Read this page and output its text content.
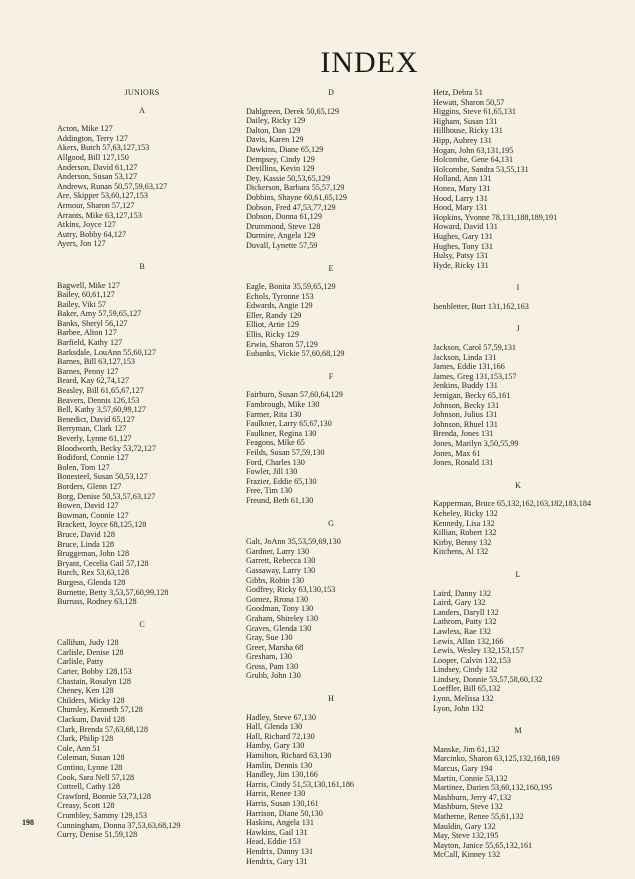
INDEX
JUNIORS
A
Acton, Mike 127
Addington, Terry 127
Akers, Butch 57,63,127,153
Allgood, Bill 127,150
Anderson, David 61,127
Anderson, Susan 53,127
Andrews, Runan 50,57,59,63,127
Are, Skipper 53,60,127,153
Armour, Sharon 57,127
Arrants, Mike 63,127,153
Atkins, Joyce 127
Autry, Bobby 64,127
Ayers, Jon 127
B
Bagwell, Mike 127
Bailey, 60,61,127
Bailey, Viki 57
Baker, Amy 57,59,65,127
Banks, Sheryl 56,127
Barbee, Alton 127
Barfield, Kathy 127
Barksdale, LouAnn 55,60,127
Barnes, Bill 63,127,153
Barnes, Penny 127
Beard, Kay 62,74,127
Beasley, Bill 61,65,67,127
Beavers, Dennis 126,153
Bell, Kathy 3,57,60,99,127
Benedict, David 65,127
Berryman, Clark 127
Beverly, Lynne 61,127
Bloodworth, Becky 53,72,127
Bodiford, Connie 127
Bolen, Tom 127
Bonesteel, Susan 50,53,127
Borders, Glenn 127
Borg, Denise 50,53,57,63,127
Bowen, David 127
Bowman, Connie 127
Brackett, Joyce 68,125,128
Bruce, David 128
Bruce, Linda 128
Bruggeman, John 128
Bryant, Cecelia Gail 57,128
Burch, Rex 53,63,128
Burgess, Glenda 128
Burnette, Betty 3,53,57,60,99,128
Burruss, Rodney 63,128
C
Callihan, Judy 128
Carlisle, Denise 128
Carlisle, Patty
Carter, Bobby 128,153
Chastain, Rosalyn 128
Cheney, Ken 128
Childers, Micky 128
Chumley, Kenneth 57,128
Clackum, David 128
Clark, Brenda 57,63,68,128
Clark, Philip 128
Cole, Ann 51
Coleman, Susan 128
Contino, Lynne 128
Cook, Sara Nell 57,128
Cottrell, Cathy 128
Crawford, Bonnie 53,73,128
Creasy, Scott 128
Crumbley, Sammy 129,153
Cunningham, Donna 37,53,63,68,129
Curry, Denise 51,59,128
D
Dahlgreen, Derek 50,65,129
Dailey, Ricky 129
Dalton, Dan 129
Davis, Karen 129
Dawkins, Diane 65,129
Dempsey, Cindy 129
Devillins, Kevin 129
Dey, Kassie 50,53,65,129
Dickerson, Barbara 55,57,129
Dobbins, Shayne 60,61,65,129
Dobson, Fred 47,53,77,129
Dobson, Donna 61,129
Drummond, Steve 128
Durmire, Angela 129
Duvall, Lynette 57,59
E
Eagle, Bonita 35,59,65,129
Echols, Tyronne 153
Edwards, Angie 129
Eller, Randy 129
Elliot, Artie 129
Ellis, Ricky 129
Erwin, Sharon 57,129
Eubanks, Vickie 57,60,68,129
F
Fairburn, Susan 57,60,64,129
Fambrough, Mike 130
Farmer, Rita 130
Faulkner, Larry 65,67,130
Faulkner, Regina 130
Feagons, Mike 65
Feilds, Susan 57,59,130
Ford, Charles 130
Fowler, Jill 130
Frazier, Eddie 65,130
Free, Tim 130
Freund, Beth 61,130
G
Galt, JoAnn 35,53,59,69,130
Gardner, Larry 130
Garrett, Rebecca 130
Gassaway, Larry 130
Gibbs, Robin 130
Godfrey, Ricky 63,130,153
Gomez, Rrona 130
Goodman, Tony 130
Graham, Shireley 130
Graves, Glenda 130
Gray, Sue 130
Greer, Marsha 68
Gresham, 130
Gross, Pam 130
Grubb, John 130
H
Hadley, Steve 67,130
Hall, Glenda 130
Hall, Richard 72,130
Hamby, Gary 130
Hamilton, Richard 63,130
Hamlin, Dennis 130
Handley, Jim 130,166
Harris, Cindy 51,53,130,161,186
Harris, Renee 130
Harris, Susan 130,161
Harrison, Diane 50,130
Haskins, Angela 131
Hawkins, Gail 131
Head, Eddie 153
Hendrix, Danny 131
Hendrix, Gary 131
Hetz, Debra 51
Hewatt, Sharon 50,57
Higgins, Steve 61,65,131
Higham, Susan 131
Hillhouse, Ricky 131
Hipp, Aubrey 131
Hogan, John 63,131,195
Holcombe, Gene 64,131
Holcombe, Sandra 53,55,131
Holland, Ann 131
Honea, Mary 131
Hood, Larry 131
Hood, Mary 131
Hopkins, Yvonne 78,131,188,189,191
Howard, David 131
Hughes, Gary 131
Hughes, Tony 131
Hulsy, Patsy 131
Hyde, Ricky 131
I
Isenbletter, Burt 131,162,163
J
Jackson, Carol 57,59,131
Jackson, Linda 131
James, Eddie 131,166
James, Greg 131,153,157
Jenkins, Buddy 131
Jernigan, Becky 65,161
Johnson, Becky 131
Johnson, Julius 131
Johnson, Rhuel 131
Brenda, Jones 131
Jones, Marilyn 3,50,55,99
Jones, Max 61
Jones, Ronald 131
K
Kapperman, Bruce 65,132,162,163,182,183,184
Keheley, Ricky 132
Kennedy, Lisa 132
Killian, Robert 132
Kirby, Benny 132
Kitchens, Al 132
L
Laird, Danny 132
Laird, Gary 132
Landers, Daryll 132
Lathrom, Patty 132
Lawless, Rae 132
Lewis, Allan 132,166
Lewis, Wesley 132,153,157
Looper, Calvin 132,153
Lindsey, Cindy 132
Lindsey, Donnie 53,57,58,60,132
Loeffler, Bill 65,132
Lynn, Melissa 132
Lyon, John 132
M
Manske, Jim 61,132
Marcinko, Sharon 63,125,132,168,169
Marcus, Gary 194
Martin, Connie 53,132
Martinez, Darien 53,60,132,160,195
Mashburn, Jerry 47,132
Mashburn, Steve 132
Matherne, Renee 55,61,132
Mauldin, Gary 132
May, Steve 132,195
Mayton, Janice 55,65,132,161
McCall, Kinney 132
198
